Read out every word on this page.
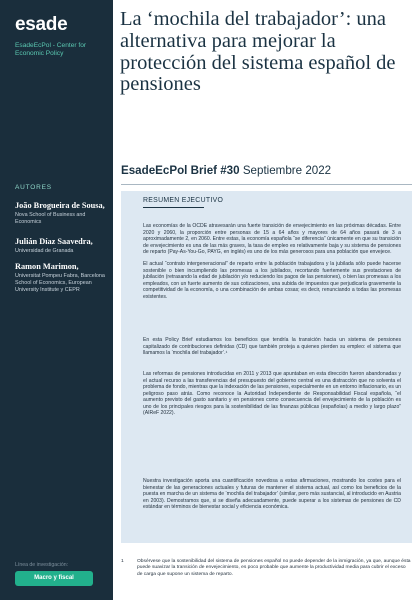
esade
EsadeEcPol - Center for Economic Policy
AUTORES
João Brogueira de Sousa,
Nova School of Business and Economics
Julián Díaz Saavedra,
Universidad de Granada
Ramon Marimon,
Universitat Pompeu Fabra, Barcelona School of Economics, European University Institute y CEPR
Línea de investigación:
Macro y fiscal
La ‘mochila del trabajador’: una alternativa para mejorar la protección del sistema español de pensiones
EsadeEcPol Brief #30 Septiembre 2022
RESUMEN EJECUTIVO

Las economías de la OCDE atravesarán una fuerte transición de envejecimiento en las próximas décadas. Entre 2020 y 2060, la proporción entre personas de 15 a 64 años y mayores de 64 años pasará de 3 a aproximadamente 2, en 2060. Entre estas, la economía española “se diferencia” únicamente en que su transición de envejecimiento es una de las más graves, la tasa de empleo es relativamente baja y su sistema de pensiones de reparto (Pay-As-You-Go, PAYG, en inglés) es uno de los más generosos para una población que envejece.

El actual “contrato intergeneracional” de reparto entre la población trabajadora y la jubilada sólo puede hacerse sostenible o bien incumpliendo las promesas a los jubilados, recortando fuertemente sus prestaciones de jubilación (retrasando la edad de jubilación y/o reduciendo los pagos de las pensiones), o bien las promesas a los empleados, con un fuerte aumento de sus cotizaciones, una subida de impuestos que perjudicaría gravemente la competitividad de la economía, o una combinación de ambas cosas; es decir, renunciando a todas las promesas existentes.

En esta Policy Brief estudiamos los beneficios que tendría la transición hacia un sistema de pensiones capitalizado de contribuciones definidas (CD) que también proteja a quienes pierden su empleo: el sistema que llamamos la ‘mochila del trabajador’.¹

Las reformas de pensiones introducidas en 2011 y 2013 que apuntaban en esta dirección fueron abandonadas y el actual recurso a las transferencias del presupuesto del gobierno central es una distracción que no solventa el problema de fondo, mientras que la indexación de las pensiones, especialmente en un entorno inflacionario, es un peligroso paso atrás. Como reconoce la Autoridad Independiente de Responsabilidad Fiscal española, “el aumento previsto del gasto sanitario y en pensiones como consecuencia del envejecimiento de la población es uno de los principales riesgos para la sostenibilidad de las finanzas públicas (españolas) a medio y largo plazo” (AIReF 2022).

Nuestra investigación aporta una cuantificación novedosa a estas afirmaciones, mostrando los costes para el bienestar de las generaciones actuales y futuras de mantener el sistema actual, así como los beneficios de la puesta en marcha de un sistema de ‘mochila del trabajador’ (similar, pero más sustancial, al introducido en Austria en 2003). Demostramos que, si se diseña adecuadamente, puede superar a los sistemas de pensiones de CD estándar en términos de bienestar social y eficiencia económica.

1	Obsérvese que la sostenibilidad del sistema de pensiones español no puede depender de la inmigración, ya que, aunque ésta puede suavizar la transición de envejecimiento, es poco probable que aumente la productividad media para cubrir el exceso de carga que supone un sistema de reparto.
